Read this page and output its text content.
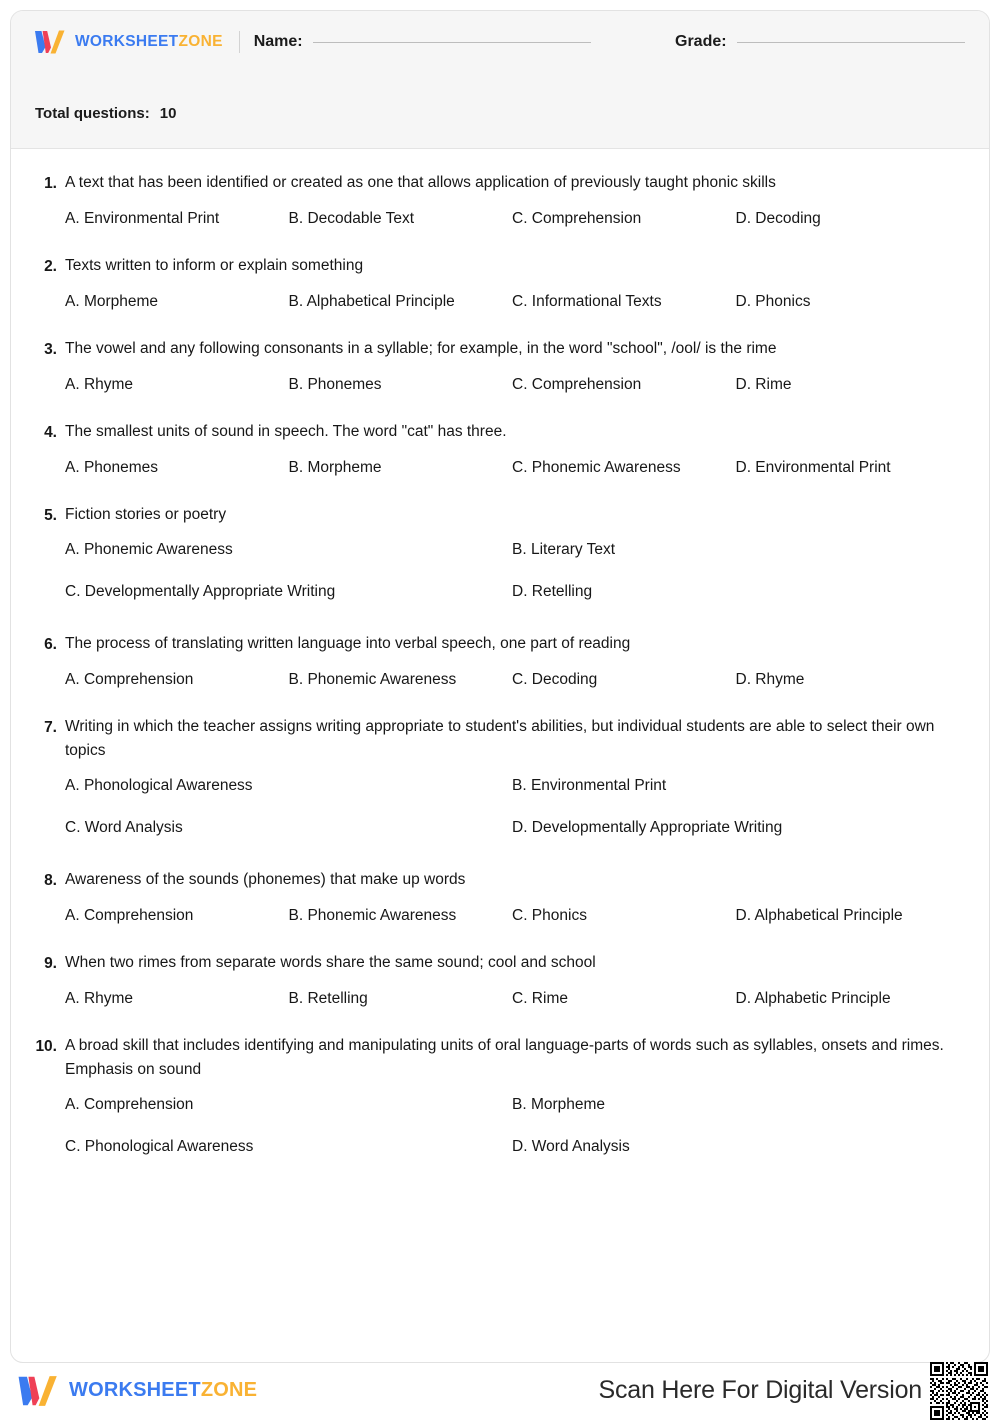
WORKSHEETZONE Name:	Grade:
Total questions: 10
1. A text that has been identified or created as one that allows application of previously taught phonic skills
A. Environmental Print	B. Decodable Text	C. Comprehension	D. Decoding
2. Texts written to inform or explain something
A. Morpheme	B. Alphabetical Principle	C. Informational Texts	D. Phonics
3. The vowel and any following consonants in a syllable; for example, in the word "school", /ool/ is the rime
A. Rhyme	B. Phonemes	C. Comprehension	D. Rime
4. The smallest units of sound in speech. The word "cat" has three.
A. Phonemes	B. Morpheme	C. Phonemic Awareness	D. Environmental Print
5. Fiction stories or poetry
A. Phonemic Awareness	B. Literary Text
C. Developmentally Appropriate Writing	D. Retelling
6. The process of translating written language into verbal speech, one part of reading
A. Comprehension	B. Phonemic Awareness	C. Decoding	D. Rhyme
7. Writing in which the teacher assigns writing appropriate to student's abilities, but individual students are able to select their own topics
A. Phonological Awareness	B. Environmental Print
C. Word Analysis	D. Developmentally Appropriate Writing
8. Awareness of the sounds (phonemes) that make up words
A. Comprehension	B. Phonemic Awareness	C. Phonics	D. Alphabetical Principle
9. When two rimes from separate words share the same sound; cool and school
A. Rhyme	B. Retelling	C. Rime	D. Alphabetic Principle
10. A broad skill that includes identifying and manipulating units of oral language-parts of words such as syllables, onsets and rimes. Emphasis on sound
A. Comprehension	B. Morpheme
C. Phonological Awareness	D. Word Analysis
WORKSHEETZONE	Scan Here For Digital Version
